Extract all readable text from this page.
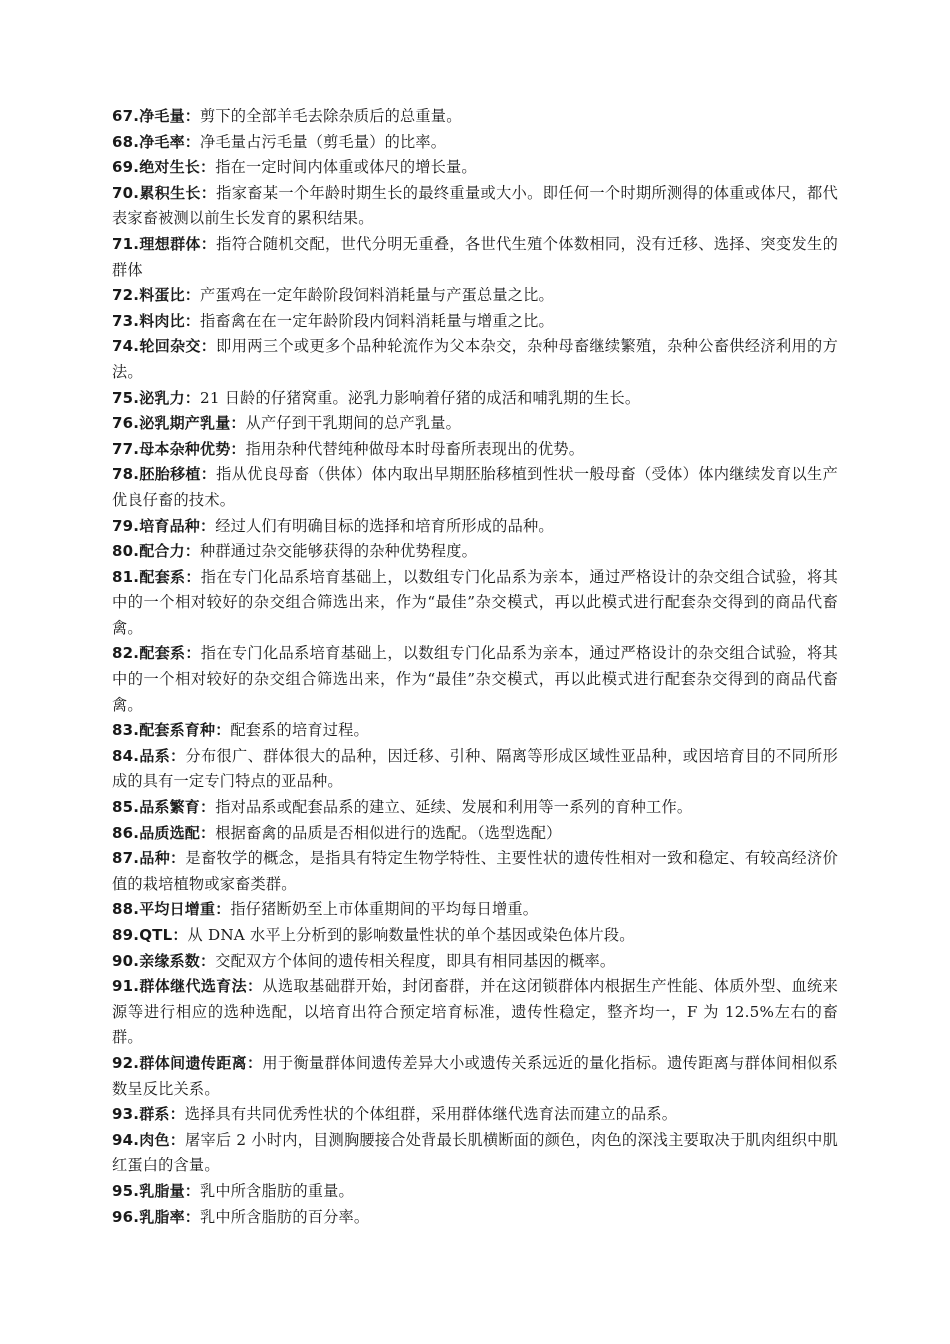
67.净毛量：剪下的全部羊毛去除杂质后的总重量。

68.净毛率：净毛量占污毛量（剪毛量）的比率。

69.绝对生长：指在一定时间内体重或体尺的增长量。

70.累积生长：指家畜某一个年龄时期生长的最终重量或大小。即任何一个时期所测得的体重或体尺，都代表家畜被测以前生长发育的累积结果。

71.理想群体：指符合随机交配，世代分明无重叠，各世代生殖个体数相同，没有迁移、选择、突变发生的群体

72.料蛋比：产蛋鸡在一定年龄阶段饲料消耗量与产蛋总量之比。

73.料肉比：指畜禽在在一定年龄阶段内饲料消耗量与增重之比。

74.轮回杂交：即用两三个或更多个品种轮流作为父本杂交，杂种母畜继续繁殖，杂种公畜供经济利用的方法。

75.泌乳力：21 日龄的仔猪窝重。泌乳力影响着仔猪的成活和哺乳期的生长。

76.泌乳期产乳量：从产仔到干乳期间的总产乳量。

77.母本杂种优势：指用杂种代替纯种做母本时母畜所表现出的优势。

78.胚胎移植：指从优良母畜（供体）体内取出早期胚胎移植到性状一般母畜（受体）体内继续发育以生产优良仔畜的技术。

79.培育品种：经过人们有明确目标的选择和培育所形成的品种。

80.配合力：种群通过杂交能够获得的杂种优势程度。

81.配套系：指在专门化品系培育基础上，以数组专门化品系为亲本，通过严格设计的杂交组合试验，将其中的一个相对较好的杂交组合筛选出来，作为“最佳”杂交模式，再以此模式进行配套杂交得到的商品代畜禽。

82.配套系：指在专门化品系培育基础上，以数组专门化品系为亲本，通过严格设计的杂交组合试验，将其中的一个相对较好的杂交组合筛选出来，作为“最佳”杂交模式，再以此模式进行配套杂交得到的商品代畜禽。

83.配套系育种：配套系的培育过程。

84.品系：分布很广、群体很大的品种，因迁移、引种、隔离等形成区域性亚品种，或因培育目的不同所形成的具有一定专门特点的亚品种。

85.品系繁育：指对品系或配套品系的建立、延续、发展和利用等一系列的育种工作。

86.品质选配：根据畜禽的品质是否相似进行的选配。（选型选配）

87.品种：是畜牧学的概念，是指具有特定生物学特性、主要性状的遗传性相对一致和稳定、有较高经济价值的栽培植物或家畜类群。

88.平均日增重：指仔猪断奶至上市体重期间的平均每日增重。

89.QTL：从 DNA 水平上分析到的影响数量性状的单个基因或染色体片段。

90.亲缘系数：交配双方个体间的遗传相关程度，即具有相同基因的概率。

91.群体继代选育法：从选取基础群开始，封闭畜群，并在这闭锁群体内根据生产性能、体质外型、血统来源等进行相应的选种选配，以培育出符合预定培育标准，遗传性稳定，整齐均一，F 为 12.5%左右的畜群。

92.群体间遗传距离：用于衡量群体间遗传差异大小或遗传关系远近的量化指标。遗传距离与群体间相似系数呈反比关系。

93.群系：选择具有共同优秀性状的个体组群，采用群体继代选育法而建立的品系。

94.肉色：屠宰后 2 小时内，目测胸腰接合处背最长肌横断面的颜色，肉色的深浅主要取决于肌肉组织中肌红蛋白的含量。

95.乳脂量：乳中所含脂肪的重量。

96.乳脂率：乳中所含脂肪的百分率。
